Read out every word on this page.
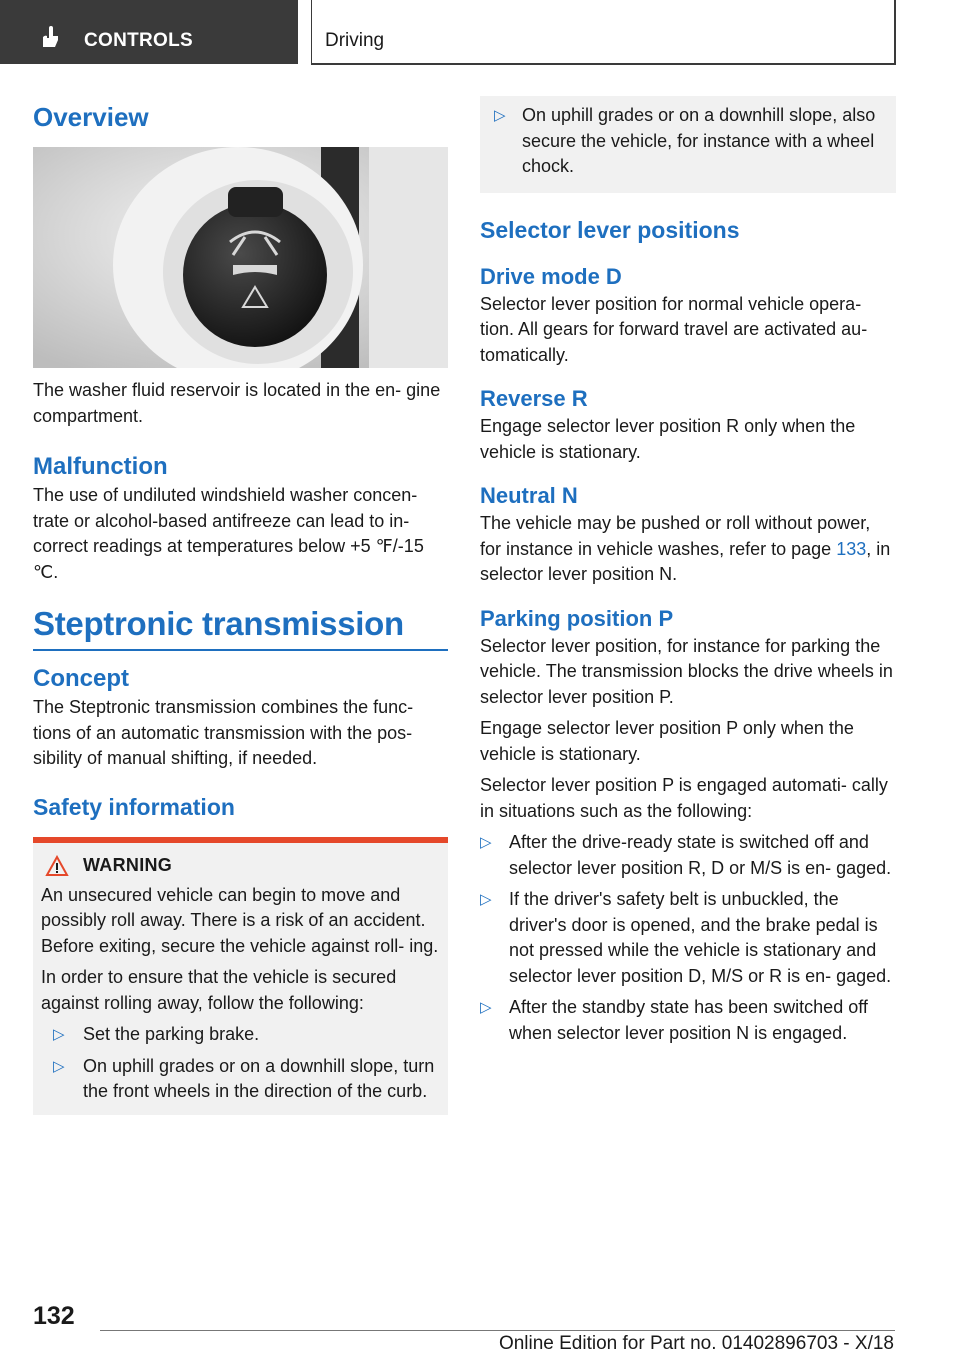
CONTROLS	Driving
Overview

The washer fluid reservoir is located in the en‐ gine compartment.

Malfunction

The use of undiluted windshield washer concen‐ trate or alcohol-based antifreeze can lead to in‐ correct readings at temperatures below +5 ℉/-15 ℃.

Steptronic transmission
Concept

The Steptronic transmission combines the func‐ tions of an automatic transmission with the pos‐ sibility of manual shifting, if needed.

Safety information
WARNING

An unsecured vehicle can begin to move and possibly roll away. There is a risk of an accident. Before exiting, secure the vehicle against roll‐ ing.

In order to ensure that the vehicle is secured against rolling away, follow the following:

▷ Set the parking brake.
▷ On uphill grades or on a downhill slope, turn the front wheels in the direction of the curb.
▷ On uphill grades or on a downhill slope, also secure the vehicle, for instance with a wheel chock.
Selector lever positions
Drive mode D

Selector lever position for normal vehicle opera‐ tion. All gears for forward travel are activated au‐ tomatically.

Reverse R

Engage selector lever position R only when the vehicle is stationary.

Neutral N

The vehicle may be pushed or roll without power, for instance in vehicle washes, refer to page 133, in selector lever position N.

Parking position P

Selector lever position, for instance for parking the vehicle. The transmission blocks the drive wheels in selector lever position P.

Engage selector lever position P only when the vehicle is stationary.

Selector lever position P is engaged automati‐ cally in situations such as the following:

▷ After the drive-ready state is switched off and selector lever position R, D or M/S is en‐ gaged.
▷ If the driver's safety belt is unbuckled, the driver's door is opened, and the brake pedal is not pressed while the vehicle is stationary and selector lever position D, M/S or R is en‐ gaged.
▷ After the standby state has been switched off when selector lever position N is engaged.
132
Online Edition for Part no. 01402896703 - X/18
